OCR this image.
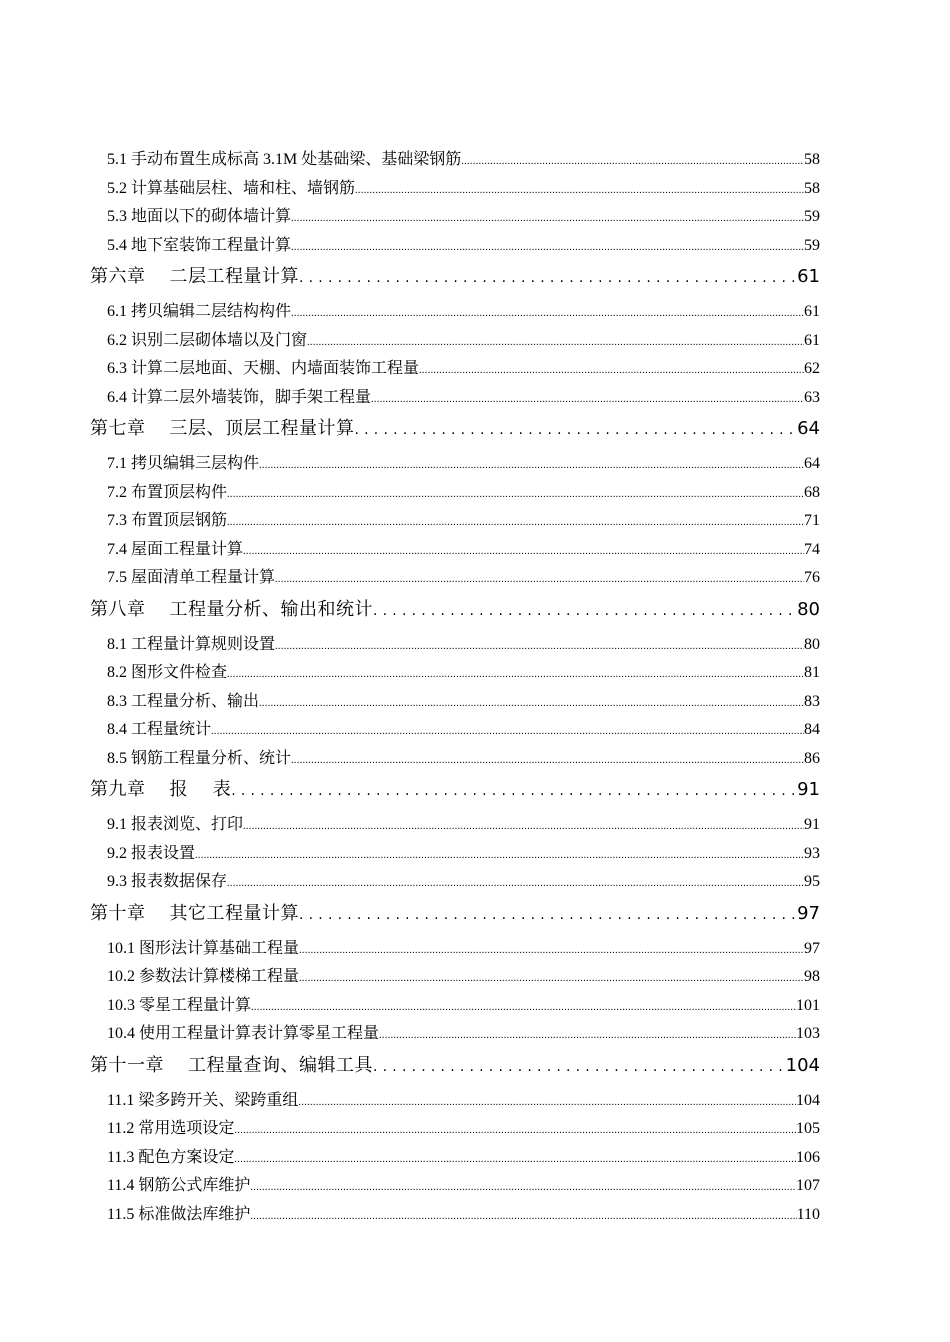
5.1 手动布置生成标高 3.1M 处基础梁、基础梁钢筋 .....	58
5.2 计算基础层柱、墙和柱、墙钢筋 .....	58
5.3 地面以下的砌体墙计算 .....	59
5.4 地下室装饰工程量计算 .....	59
第六章 二层工程量计算 .....	61
6.1 拷贝编辑二层结构构件 .....	61
6.2 识别二层砌体墙以及门窗 .....	61
6.3 计算二层地面、天棚、内墙面装饰工程量 .....	62
6.4 计算二层外墙装饰，脚手架工程量 .....	63
第七章 三层、顶层工程量计算 .....	64
7.1 拷贝编辑三层构件 .....	64
7.2 布置顶层构件 .....	68
7.3 布置顶层钢筋 .....	71
7.4 屋面工程量计算 .....	74
7.5 屋面清单工程量计算 .....	76
第八章 工程量分析、输出和统计 .....	80
8.1 工程量计算规则设置 .....	80
8.2 图形文件检查 .....	81
8.3 工程量分析、输出 .....	83
8.4 工程量统计 .....	84
8.5 钢筋工程量分析、统计 .....	86
第九章 报　 表 .....	91
9.1 报表浏览、打印 .....	91
9.2 报表设置 .....	93
9.3 报表数据保存 .....	95
第十章 其它工程量计算 .....	97
10.1 图形法计算基础工程量 .....	97
10.2 参数法计算楼梯工程量 .....	98
10.3 零星工程量计算 .....	101
10.4 使用工程量计算表计算零星工程量 .....	103
第十一章 工程量查询、编辑工具 .....	104
11.1 梁多跨开关、梁跨重组 .....	104
11.2 常用选项设定 .....	105
11.3 配色方案设定 .....	106
11.4 钢筋公式库维护 .....	107
11.5 标准做法库维护 .....	110
